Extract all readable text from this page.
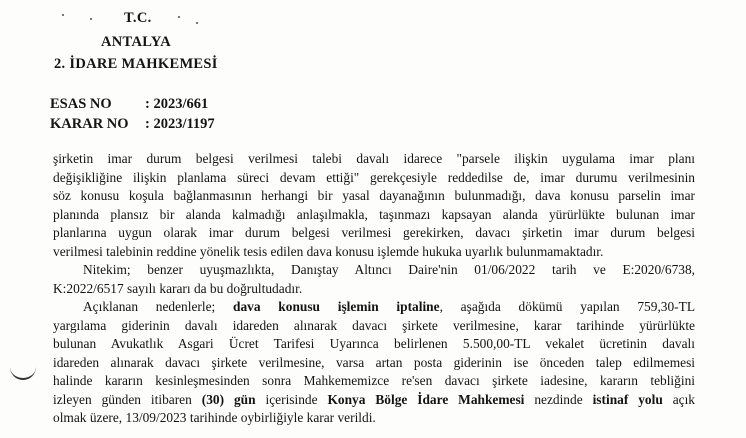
T.C.
ANTALYA
2. İDARE MAHKEMESİ
ESAS NO : 2023/661
KARAR NO : 2023/1197

şirketin imar durum belgesi verilmesi talebi davalı idarece "parsele ilişkin uygulama imar planı
değişikliğine ilişkin planlama süreci devam ettiği" gerekçesiyle reddedilse de, imar durumu verilmesinin
söz konusu koşula bağlanmasının herhangi bir yasal dayanağının bulunmadığı, dava konusu parselin imar
planında plansız bir alanda kalmadığı anlaşılmakla, taşınmazı kapsayan alanda yürürlükte bulunan imar
planlarına uygun olarak imar durum belgesi verilmesi gerekirken, davacı şirketin imar durum belgesi
verilmesi talebinin reddine yönelik tesis edilen dava konusu işlemde hukuka uyarlık bulunmamaktadır.

Nitekim; benzer uyuşmazlıkta, Danıştay Altıncı Daire'nin 01/06/2022 tarih ve E:2020/6738,
K:2022/6517 sayılı kararı da bu doğrultudadır.

Açıklanan nedenlerle; dava konusu işlemin iptaline, aşağıda dökümü yapılan 759,30-TL
yargılama giderinin davalı idareden alınarak davacı şirkete verilmesine, karar tarihinde yürürlükte
bulunan Avukatlık Asgari Ücret Tarifesi Uyarınca belirlenen 5.500,00-TL vekalet ücretinin davalı
idareden alınarak davacı şirkete verilmesine, varsa artan posta giderinin ise önceden talep edilmemesi
halinde kararın kesinleşmesinden sonra Mahkememizce re'sen davacı şirkete iadesine, kararın tebliğini
izleyen günden itibaren (30) gün içerisinde Konya Bölge İdare Mahkemesi nezdinde istinaf yolu açık
olmak üzere, 13/09/2023 tarihinde oybirliğiyle karar verildi.
